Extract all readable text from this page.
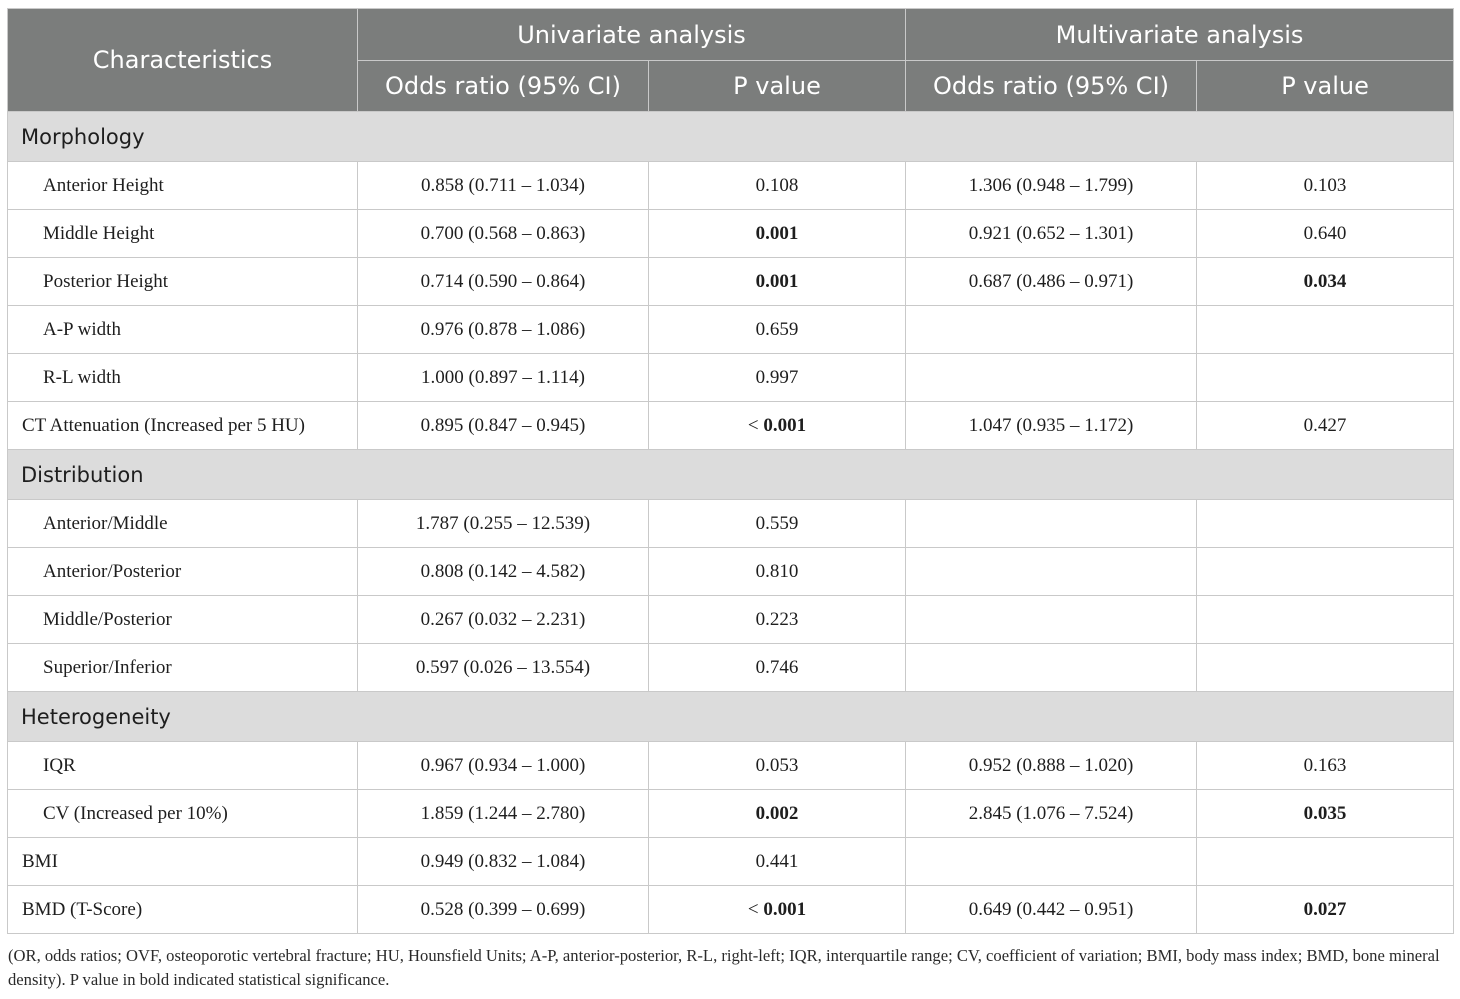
Characteristics	Univariate analysis		Multivariate analysis	
	Odds ratio (95% CI)	P value	Odds ratio (95% CI)	P value
Morphology				
Anterior Height	0.858 (0.711 – 1.034)	0.108	1.306 (0.948 – 1.799)	0.103
Middle Height	0.700 (0.568 – 0.863)	0.001	0.921 (0.652 – 1.301)	0.640
Posterior Height	0.714 (0.590 – 0.864)	0.001	0.687 (0.486 – 0.971)	0.034
A-P width	0.976 (0.878 – 1.086)	0.659		
R-L width	1.000 (0.897 – 1.114)	0.997		
CT Attenuation (Increased per 5 HU)	0.895 (0.847 – 0.945)	< 0.001	1.047 (0.935 – 1.172)	0.427
Distribution				
Anterior/Middle	1.787 (0.255 – 12.539)	0.559		
Anterior/Posterior	0.808 (0.142 – 4.582)	0.810		
Middle/Posterior	0.267 (0.032 – 2.231)	0.223		
Superior/Inferior	0.597 (0.026 – 13.554)	0.746		
Heterogeneity				
IQR	0.967 (0.934 – 1.000)	0.053	0.952 (0.888 – 1.020)	0.163
CV (Increased per 10%)	1.859 (1.244 – 2.780)	0.002	2.845 (1.076 – 7.524)	0.035
BMI	0.949 (0.832 – 1.084)	0.441		
BMD (T-Score)	0.528 (0.399 – 0.699)	< 0.001	0.649 (0.442 – 0.951)	0.027
(OR, odds ratios; OVF, osteoporotic vertebral fracture; HU, Hounsfield Units; A-P, anterior-posterior, R-L, right-left; IQR, interquartile range; CV, coefficient of variation; BMI, body mass index; BMD, bone mineral density). P value in bold indicated statistical significance.
